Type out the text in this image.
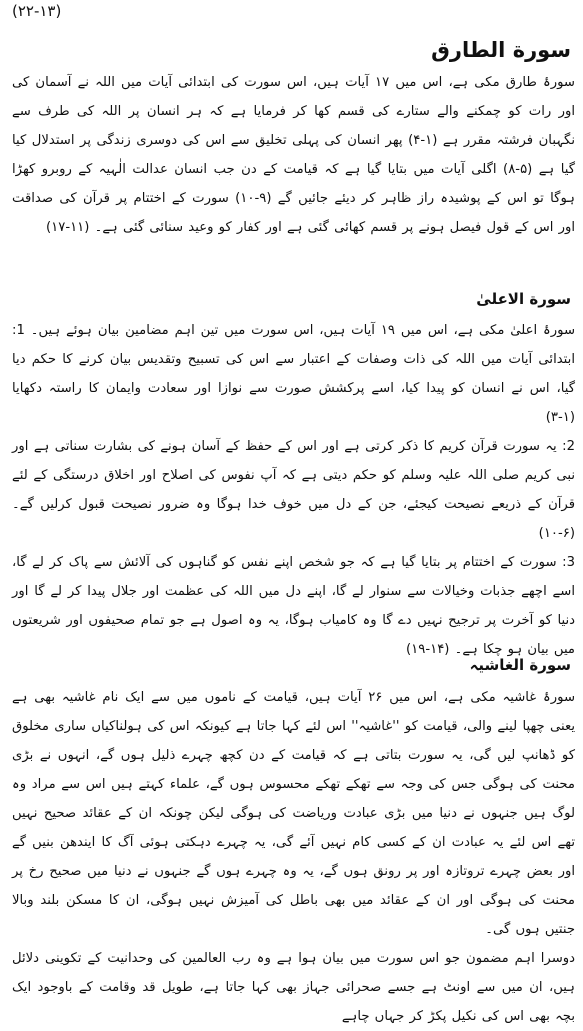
(۲۲-۱۳)
سورة الطارق

سورۂ طارق مکی ہے، اس میں ۱۷ آیات ہیں، اس سورت کی ابتدائی آیات میں اللہ نے آسمان کی اور رات کو چمکنے والے ستارے کی قسم کھا کر فرمایا ہے کہ ہر انسان پر اللہ کی طرف سے نگہبان فرشتہ مقرر ہے (۱-۴) پھر انسان کی پہلی تخلیق سے اس کی دوسری زندگی پر استدلال کیا گیا ہے (۵-۸) اگلی آیات میں بتایا گیا ہے کہ قیامت کے دن جب انسان عدالت الٰہیہ کے روبرو کھڑا ہوگا تو اس کے پوشیدہ راز ظاہر کر دیئے جائیں گے (۹-۱۰) سورت کے اختتام پر قرآن کی صداقت اور اس کے قول فیصل ہونے پر قسم کھائی گئی ہے اور کفار کو وعید سنائی گئی ہے۔ (۱۱-۱۷)

سورة الاعلیٰ

سورۂ اعلیٰ مکی ہے، اس میں ۱۹ آیات ہیں، اس سورت میں تین اہم مضامین بیان ہوئے ہیں۔ 1: ابتدائی آیات میں اللہ کی ذات وصفات کے اعتبار سے اس کی تسبیح وتقدیس بیان کرنے کا حکم دیا گیا، اس نے انسان کو پیدا کیا، اسے پرکشش صورت سے نوازا اور سعادت وایمان کا راستہ دکھایا (۱-۳)

2: یہ سورت قرآن کریم کا ذکر کرتی ہے اور اس کے حفظ کے آسان ہونے کی بشارت سناتی ہے اور نبی کریم صلی اللہ علیہ وسلم کو حکم دیتی ہے کہ آپ نفوس کی اصلاح اور اخلاق درستگی کے لئے قرآن کے ذریعے نصیحت کیجئے، جن کے دل میں خوف خدا ہوگا وہ ضرور نصیحت قبول کرلیں گے۔ (۶-۱۰)

3: سورت کے اختتام پر بتایا گیا ہے کہ جو شخص اپنے نفس کو گناہوں کی آلائش سے پاک کر لے گا، اسے اچھے جذبات وخیالات سے سنوار لے گا، اپنے دل میں اللہ کی عظمت اور جلال پیدا کر لے گا اور دنیا کو آخرت پر ترجیح نہیں دے گا وہ کامیاب ہوگا، یہ وہ اصول ہے جو تمام صحیفوں اور شریعتوں میں بیان ہو چکا ہے۔ (۱۴-۱۹)

سورة الغاشیہ

سورۂ غاشیہ مکی ہے، اس میں ۲۶ آیات ہیں، قیامت کے ناموں میں سے ایک نام غاشیہ بھی ہے یعنی چھپا لینے والی، قیامت کو ''غاشیہ'' اس لئے کہا جاتا ہے کیونکہ اس کی ہولناکیاں ساری مخلوق کو ڈھانپ لیں گی، یہ سورت بتاتی ہے کہ قیامت کے دن کچھ چہرے ذلیل ہوں گے، انہوں نے بڑی محنت کی ہوگی جس کی وجہ سے تھکے تھکے محسوس ہوں گے، علماء کہتے ہیں اس سے مراد وہ لوگ ہیں جنہوں نے دنیا میں بڑی عبادت وریاضت کی ہوگی لیکن چونکہ ان کے عقائد صحیح نہیں تھے اس لئے یہ عبادت ان کے کسی کام نہیں آئے گی، یہ چہرے دہکتی ہوئی آگ کا ایندھن بنیں گے اور بعض چہرے تروتازہ اور پر رونق ہوں گے، یہ وہ چہرے ہوں گے جنہوں نے دنیا میں صحیح رخ پر محنت کی ہوگی اور ان کے عقائد میں بھی باطل کی آمیزش نہیں ہوگی، ان کا مسکن بلند وبالا جنتیں ہوں گی۔

دوسرا اہم مضمون جو اس سورت میں بیان ہوا ہے وہ رب العالمین کی وحدانیت کے تکوینی دلائل ہیں، ان میں سے اونٹ ہے جسے صحرائی جہاز بھی کہا جاتا ہے، طویل قد وقامت کے باوجود ایک بچہ بھی اس کی نکیل پکڑ کر جہاں چاہے
